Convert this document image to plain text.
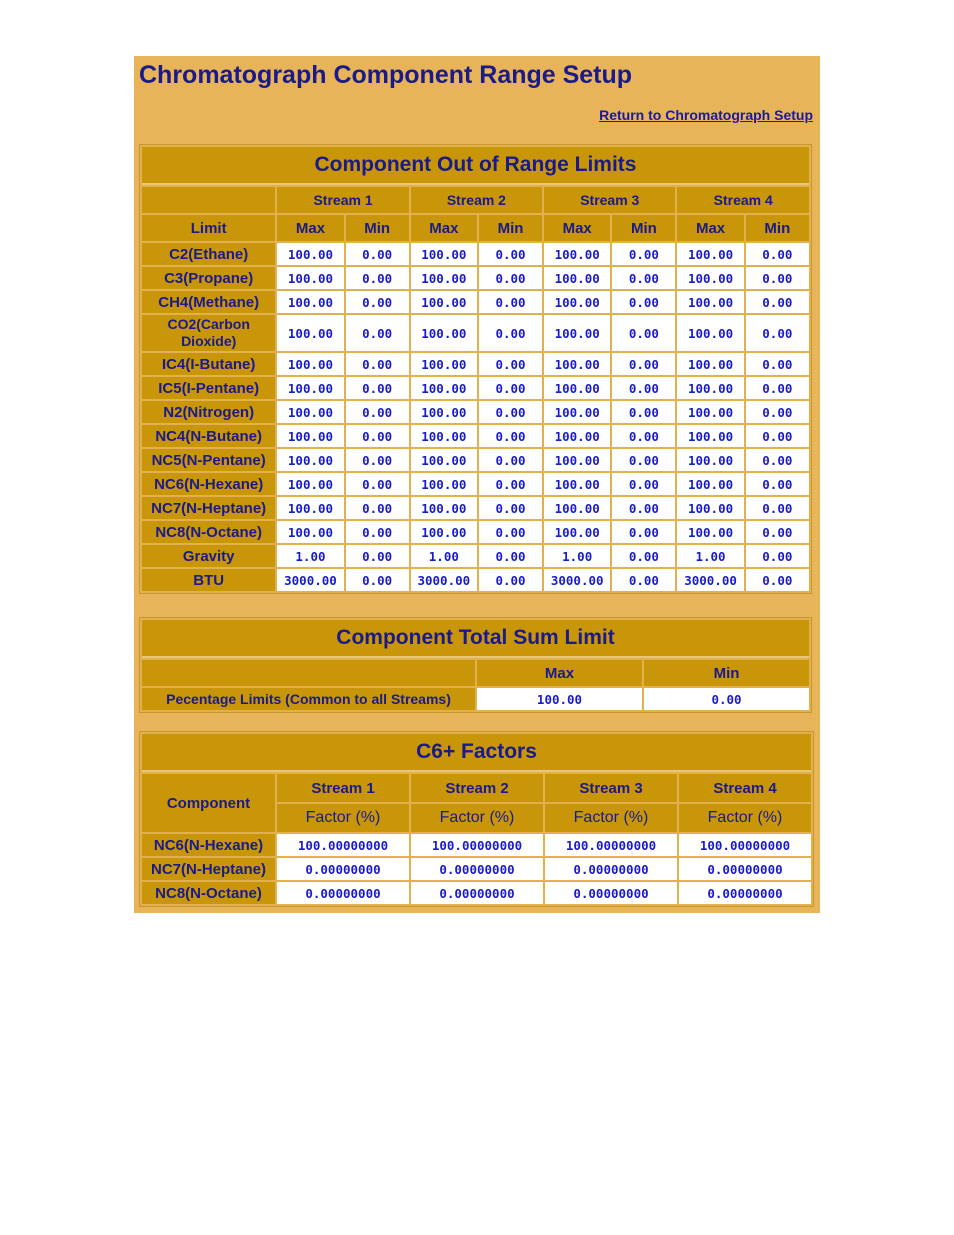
Chromatograph Component Range Setup
Return to Chromatograph Setup
Component Out of Range Limits								
	Stream 1		Stream 2		Stream 3		Stream 4	
Limit	Max	Min	Max	Min	Max	Min	Max	Min
C2(Ethane)	100.00	0.00	100.00	0.00	100.00	0.00	100.00	0.00
C3(Propane)	100.00	0.00	100.00	0.00	100.00	0.00	100.00	0.00
CH4(Methane)	100.00	0.00	100.00	0.00	100.00	0.00	100.00	0.00
CO2(Carbon Dioxide)	100.00	0.00	100.00	0.00	100.00	0.00	100.00	0.00
IC4(I-Butane)	100.00	0.00	100.00	0.00	100.00	0.00	100.00	0.00
IC5(I-Pentane)	100.00	0.00	100.00	0.00	100.00	0.00	100.00	0.00
N2(Nitrogen)	100.00	0.00	100.00	0.00	100.00	0.00	100.00	0.00
NC4(N-Butane)	100.00	0.00	100.00	0.00	100.00	0.00	100.00	0.00
NC5(N-Pentane)	100.00	0.00	100.00	0.00	100.00	0.00	100.00	0.00
NC6(N-Hexane)	100.00	0.00	100.00	0.00	100.00	0.00	100.00	0.00
NC7(N-Heptane)	100.00	0.00	100.00	0.00	100.00	0.00	100.00	0.00
NC8(N-Octane)	100.00	0.00	100.00	0.00	100.00	0.00	100.00	0.00
Gravity	1.00	0.00	1.00	0.00	1.00	0.00	1.00	0.00
BTU	3000.00	0.00	3000.00	0.00	3000.00	0.00	3000.00	0.00
Component Total Sum Limit		
	Max	Min
Pecentage Limits (Common to all Streams)	100.00	0.00
C6+ Factors				
Component	Stream 1	Stream 2	Stream 3	Stream 4
	Factor (%)	Factor (%)	Factor (%)	Factor (%)
NC6(N-Hexane)	100.00000000	100.00000000	100.00000000	100.00000000
NC7(N-Heptane)	0.00000000	0.00000000	0.00000000	0.00000000
NC8(N-Octane)	0.00000000	0.00000000	0.00000000	0.00000000
